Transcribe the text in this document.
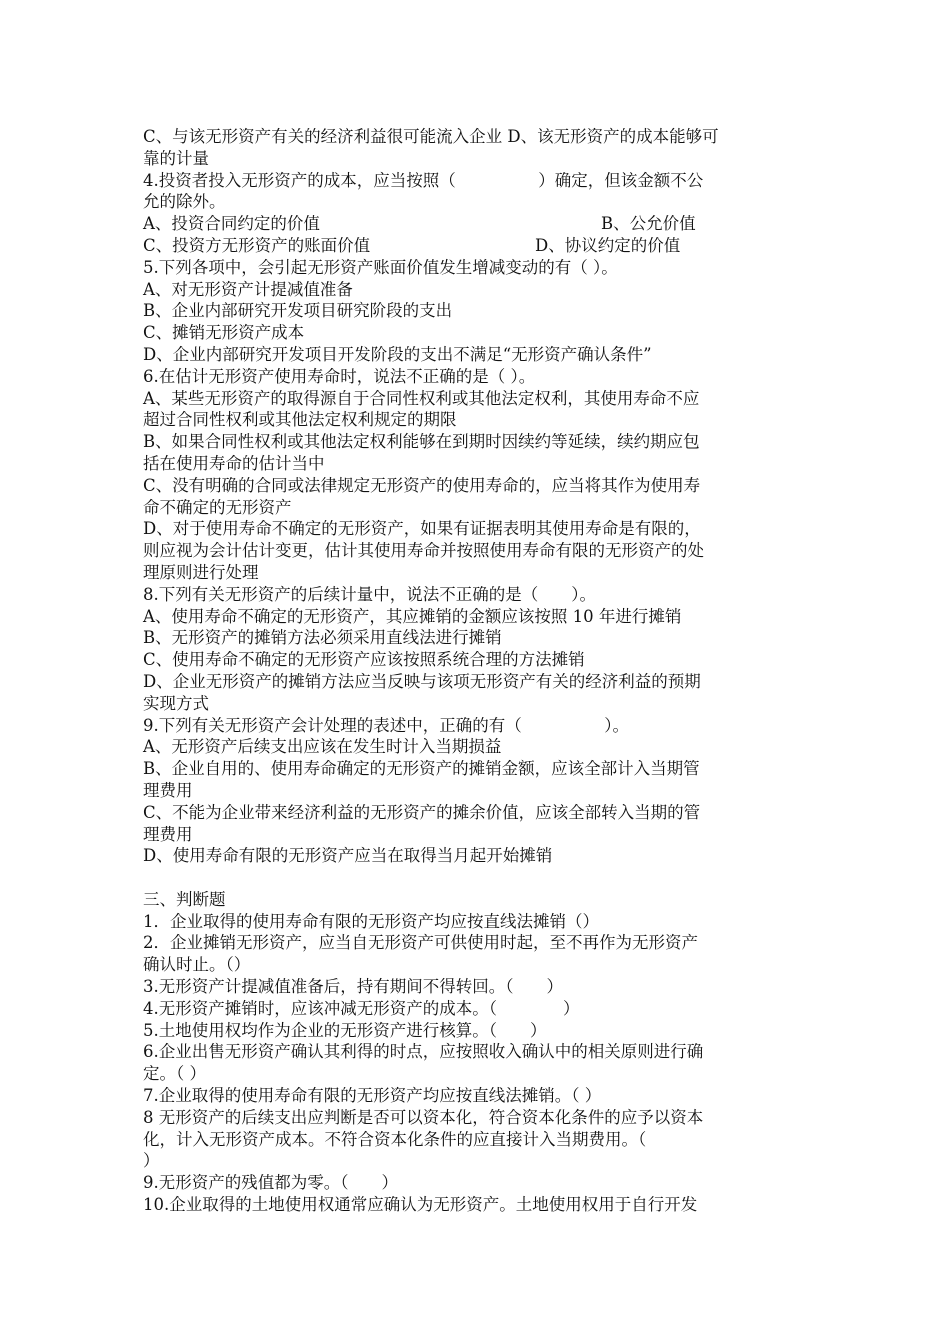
C、与该无形资产有关的经济利益很可能流入企业 D、该无形资产的成本能够可
靠的计量
4.投资者投入无形资产的成本，应当按照（　　　　　）确定，但该金额不公
允的除外。
A、投资合同约定的价值	B、公允价值
C、投资方无形资产的账面价值	D、协议约定的价值
5.下列各项中，会引起无形资产账面价值发生增减变动的有（ ）。
A、对无形资产计提减值准备
B、企业内部研究开发项目研究阶段的支出
C、摊销无形资产成本
D、企业内部研究开发项目开发阶段的支出不满足“无形资产确认条件”
6.在估计无形资产使用寿命时，说法不正确的是（ ）。
A、某些无形资产的取得源自于合同性权利或其他法定权利，其使用寿命不应
超过合同性权利或其他法定权利规定的期限
B、如果合同性权利或其他法定权利能够在到期时因续约等延续，续约期应包
括在使用寿命的估计当中
C、没有明确的合同或法律规定无形资产的使用寿命的，应当将其作为使用寿
命不确定的无形资产
D、对于使用寿命不确定的无形资产，如果有证据表明其使用寿命是有限的，
则应视为会计估计变更，估计其使用寿命并按照使用寿命有限的无形资产的处
理原则进行处理
8.下列有关无形资产的后续计量中，说法不正确的是（　　）。
A、使用寿命不确定的无形资产，其应摊销的金额应该按照 10 年进行摊销
B、无形资产的摊销方法必须采用直线法进行摊销
C、使用寿命不确定的无形资产应该按照系统合理的方法摊销
D、企业无形资产的摊销方法应当反映与该项无形资产有关的经济利益的预期
实现方式
9.下列有关无形资产会计处理的表述中，正确的有（　　　　　）。
A、无形资产后续支出应该在发生时计入当期损益
B、企业自用的、使用寿命确定的无形资产的摊销金额，应该全部计入当期管
理费用
C、不能为企业带来经济利益的无形资产的摊余价值，应该全部转入当期的管
理费用
D、使用寿命有限的无形资产应当在取得当月起开始摊销
三、判断题
1．企业取得的使用寿命有限的无形资产均应按直线法摊销（）
2．企业摊销无形资产，应当自无形资产可供使用时起，至不再作为无形资产
确认时止。（）
3.无形资产计提减值准备后，持有期间不得转回。（　　）
4.无形资产摊销时，应该冲减无形资产的成本。（　　　　）
5.土地使用权均作为企业的无形资产进行核算。（　　）
6.企业出售无形资产确认其利得的时点，应按照收入确认中的相关原则进行确
定。（ ）
7.企业取得的使用寿命有限的无形资产均应按直线法摊销。（ ）
8 无形资产的后续支出应判断是否可以资本化，符合资本化条件的应予以资本
化，计入无形资产成本。不符合资本化条件的应直接计入当期费用。（
）
9.无形资产的残值都为零。（　　）
10.企业取得的土地使用权通常应确认为无形资产。土地使用权用于自行开发
